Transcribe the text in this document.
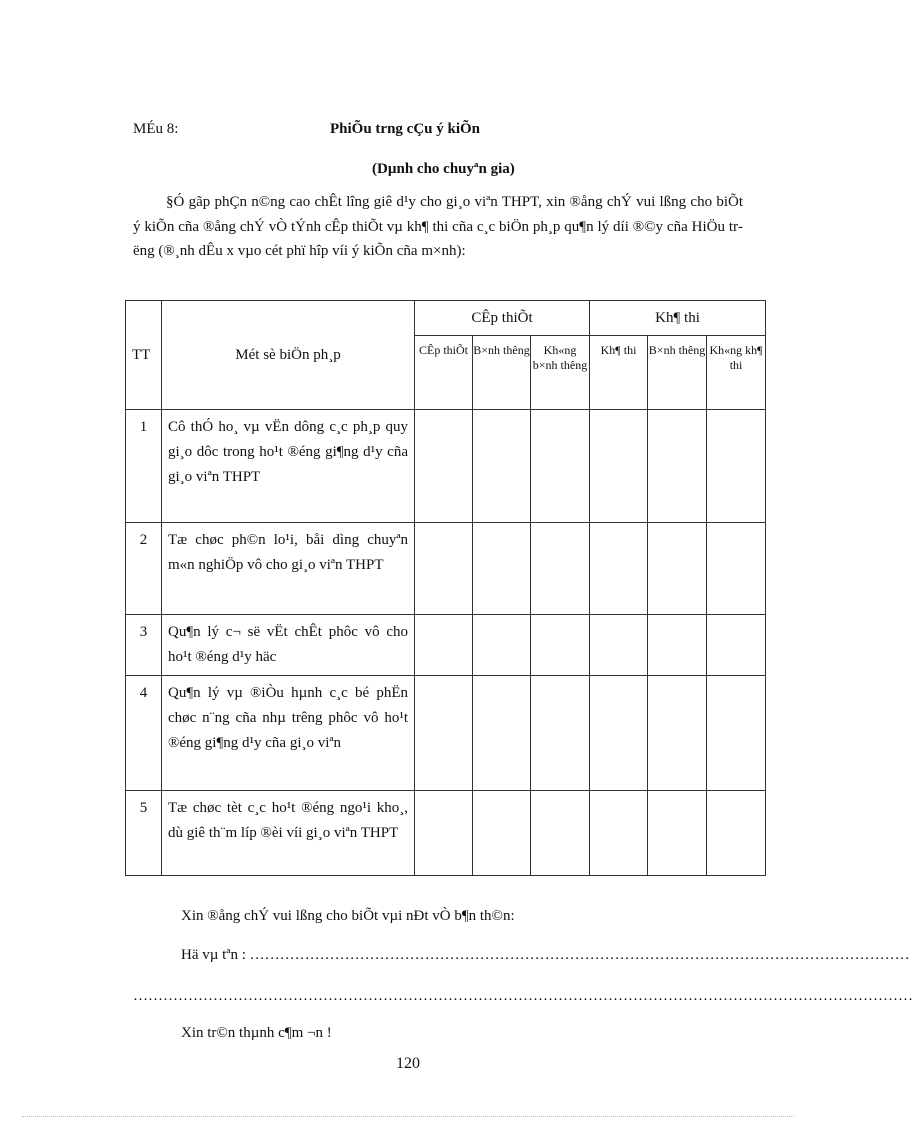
MÉu 8:	PhiÕu trng cÇu ý kiÕn
(Dµnh cho chuyªn gia)
§Ó gãp phÇn n©ng cao chÊt lîng giê d¹y cho gi¸o viªn THPT, xin ®ång chÝ vui lßng cho biÕt ý kiÕn cña ®ång chÝ vÒ tÝnh cÊp thiÕt vµ kh¶ thi cña c¸c biÖn ph¸p qu¶n lý díi ®©y cña HiÖu trëng (®¸nh dÊu x vµo cét phï hîp víi ý kiÕn cña m×nh):
TT	Mét sè biÖn ph¸p	CÊp thiÕt			Kh¶ thi		
		CÊp thiÕt	B×nh thêng	Kh«ng b×nh thêng	Kh¶ thi	B×nh thêng	Kh«ng kh¶ thi
1	Cô thÓ ho¸ vµ vËn dông c¸c ph¸p quy gi¸o dôc trong ho¹t ®éng gi¶ng d¹y cña gi¸o viªn THPT						
2	Tæ chøc ph©n lo¹i, båi dìng chuyªn m«n nghiÖp vô cho gi¸o viªn THPT						
3	Qu¶n lý c¬ së vËt chÊt phôc vô cho ho¹t ®éng d¹y häc						
4	Qu¶n lý vµ ®iÒu hµnh c¸c bé phËn chøc n¨ng cña nhµ trêng phôc vô ho¹t ®éng gi¶ng d¹y cña gi¸o viªn						
5	Tæ chøc tèt c¸c ho¹t ®éng ngo¹i kho¸, dù giê th¨m líp ®èi víi gi¸o viªn THPT						
Xin ®ång chÝ vui lßng cho biÕt vµi nÐt vÒ b¶n th©n:
Hä vµ tªn : ……………………………………………………………………………………………………………………
…………………………………………………………………………………………………………………………………………
Xin tr©n thµnh c¶m ¬n !
120
